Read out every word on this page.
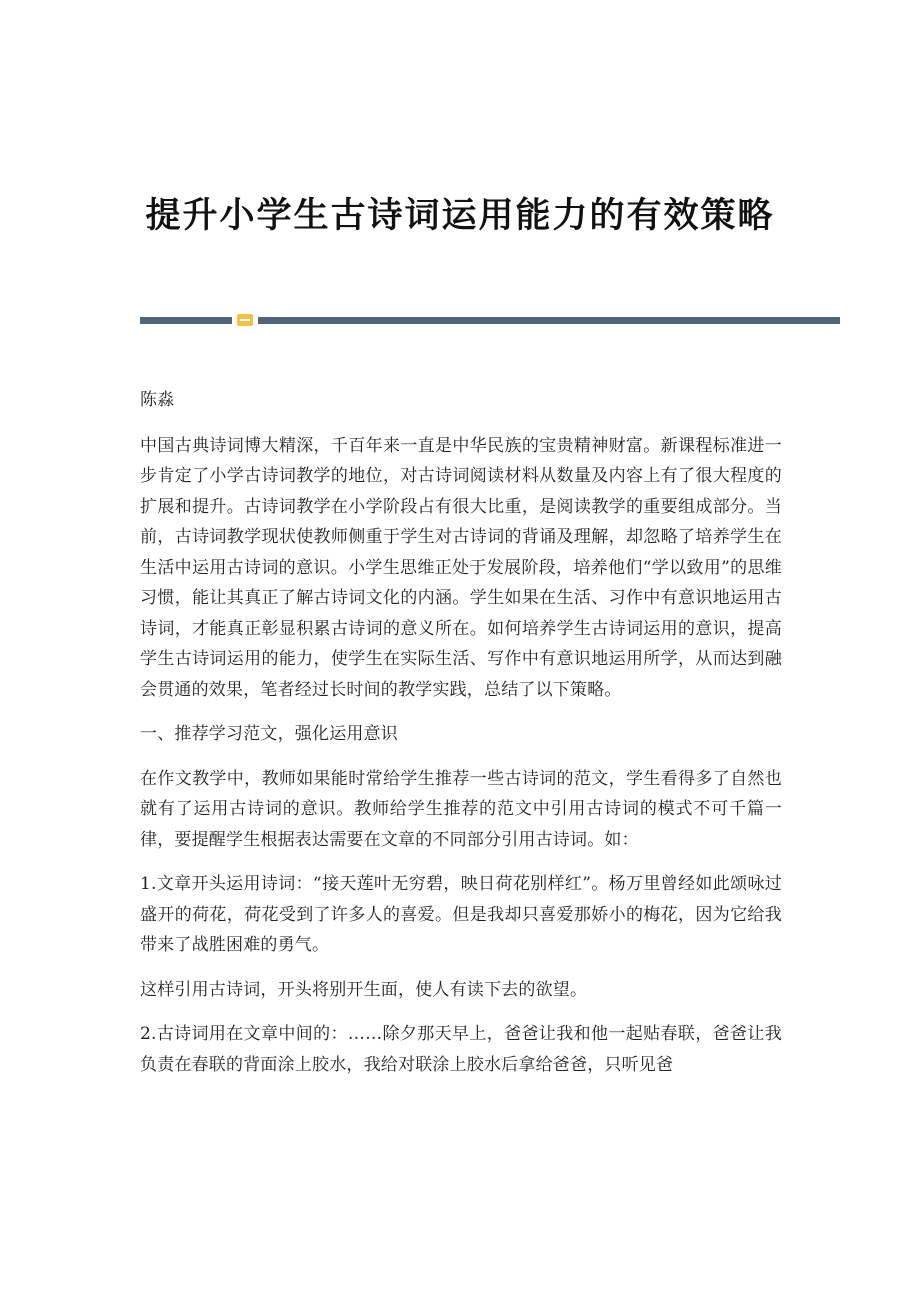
提升小学生古诗词运用能力的有效策略

陈淼

中国古典诗词博大精深，千百年来一直是中华民族的宝贵精神财富。新课程标准进一步肯定了小学古诗词教学的地位，对古诗词阅读材料从数量及内容上有了很大程度的扩展和提升。古诗词教学在小学阶段占有很大比重，是阅读教学的重要组成部分。当前，古诗词教学现状使教师侧重于学生对古诗词的背诵及理解，却忽略了培养学生在生活中运用古诗词的意识。小学生思维正处于发展阶段，培养他们“学以致用”的思维习惯，能让其真正了解古诗词文化的内涵。学生如果在生活、习作中有意识地运用古诗词，才能真正彰显积累古诗词的意义所在。如何培养学生古诗词运用的意识，提高学生古诗词运用的能力，使学生在实际生活、写作中有意识地运用所学，从而达到融会贯通的效果，笔者经过长时间的教学实践，总结了以下策略。

一、推荐学习范文，强化运用意识

在作文教学中，教师如果能时常给学生推荐一些古诗词的范文，学生看得多了自然也就有了运用古诗词的意识。教师给学生推荐的范文中引用古诗词的模式不可千篇一律，要提醒学生根据表达需要在文章的不同部分引用古诗词。如：

1.文章开头运用诗词：“接天莲叶无穷碧，映日荷花别样红”。杨万里曾经如此颂咏过盛开的荷花，荷花受到了许多人的喜爱。但是我却只喜爱那娇小的梅花，因为它给我带来了战胜困难的勇气。

这样引用古诗词，开头将别开生面，使人有读下去的欲望。

2.古诗词用在文章中间的：……除夕那天早上，爸爸让我和他一起贴春联，爸爸让我负责在春联的背面涂上胶水，我给对联涂上胶水后拿给爸爸，只听见爸
